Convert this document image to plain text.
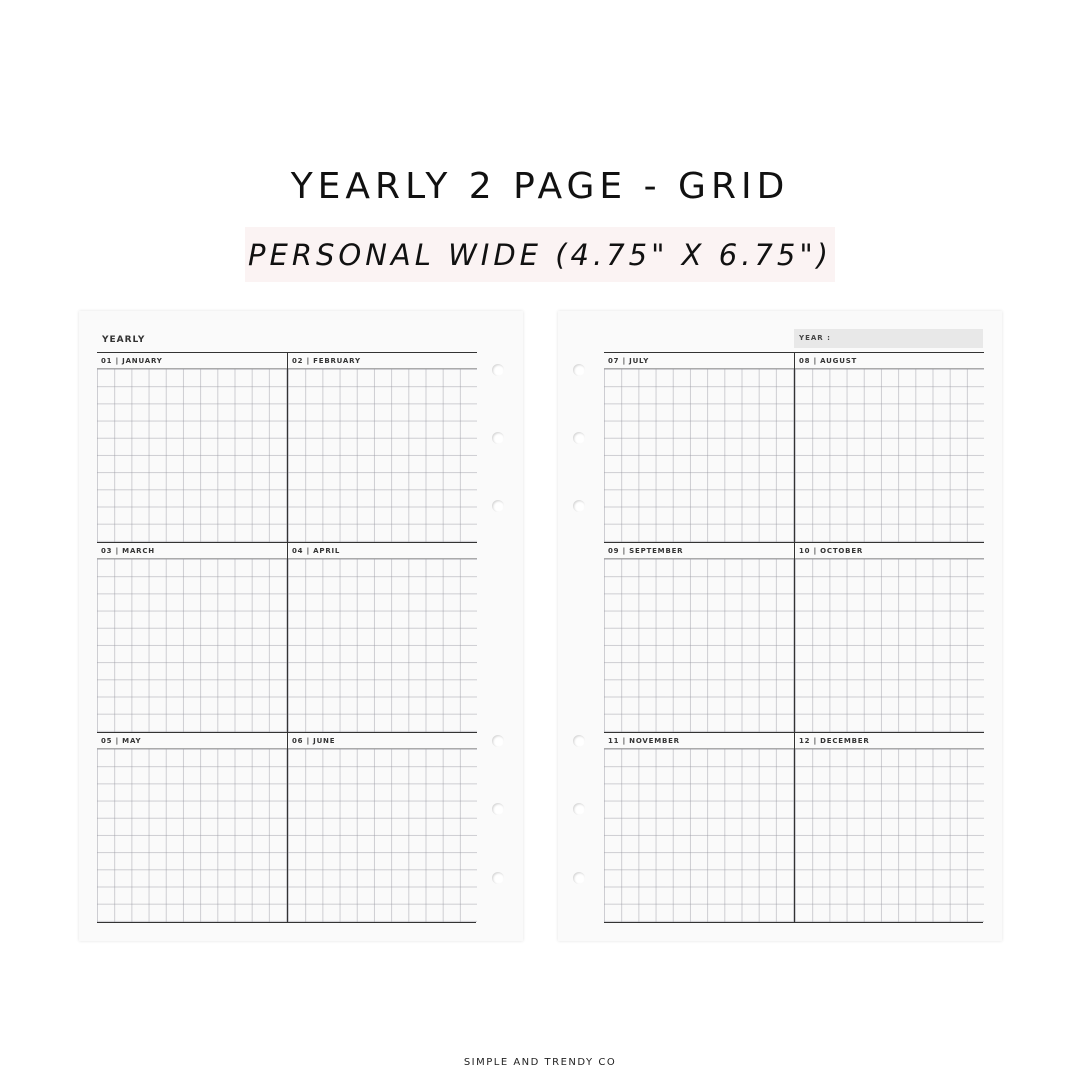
YEARLY 2 PAGE - GRID
PERSONAL WIDE (4.75" X 6.75")
YEARLY
01 | JANUARY	02 | FEBRUARY
03 | MARCH	04 | APRIL
05 | MAY	06 | JUNE
YEAR :
07 | JULY	08 | AUGUST
09 | SEPTEMBER	10 | OCTOBER
11 | NOVEMBER	12 | DECEMBER
SIMPLE AND TRENDY CO
